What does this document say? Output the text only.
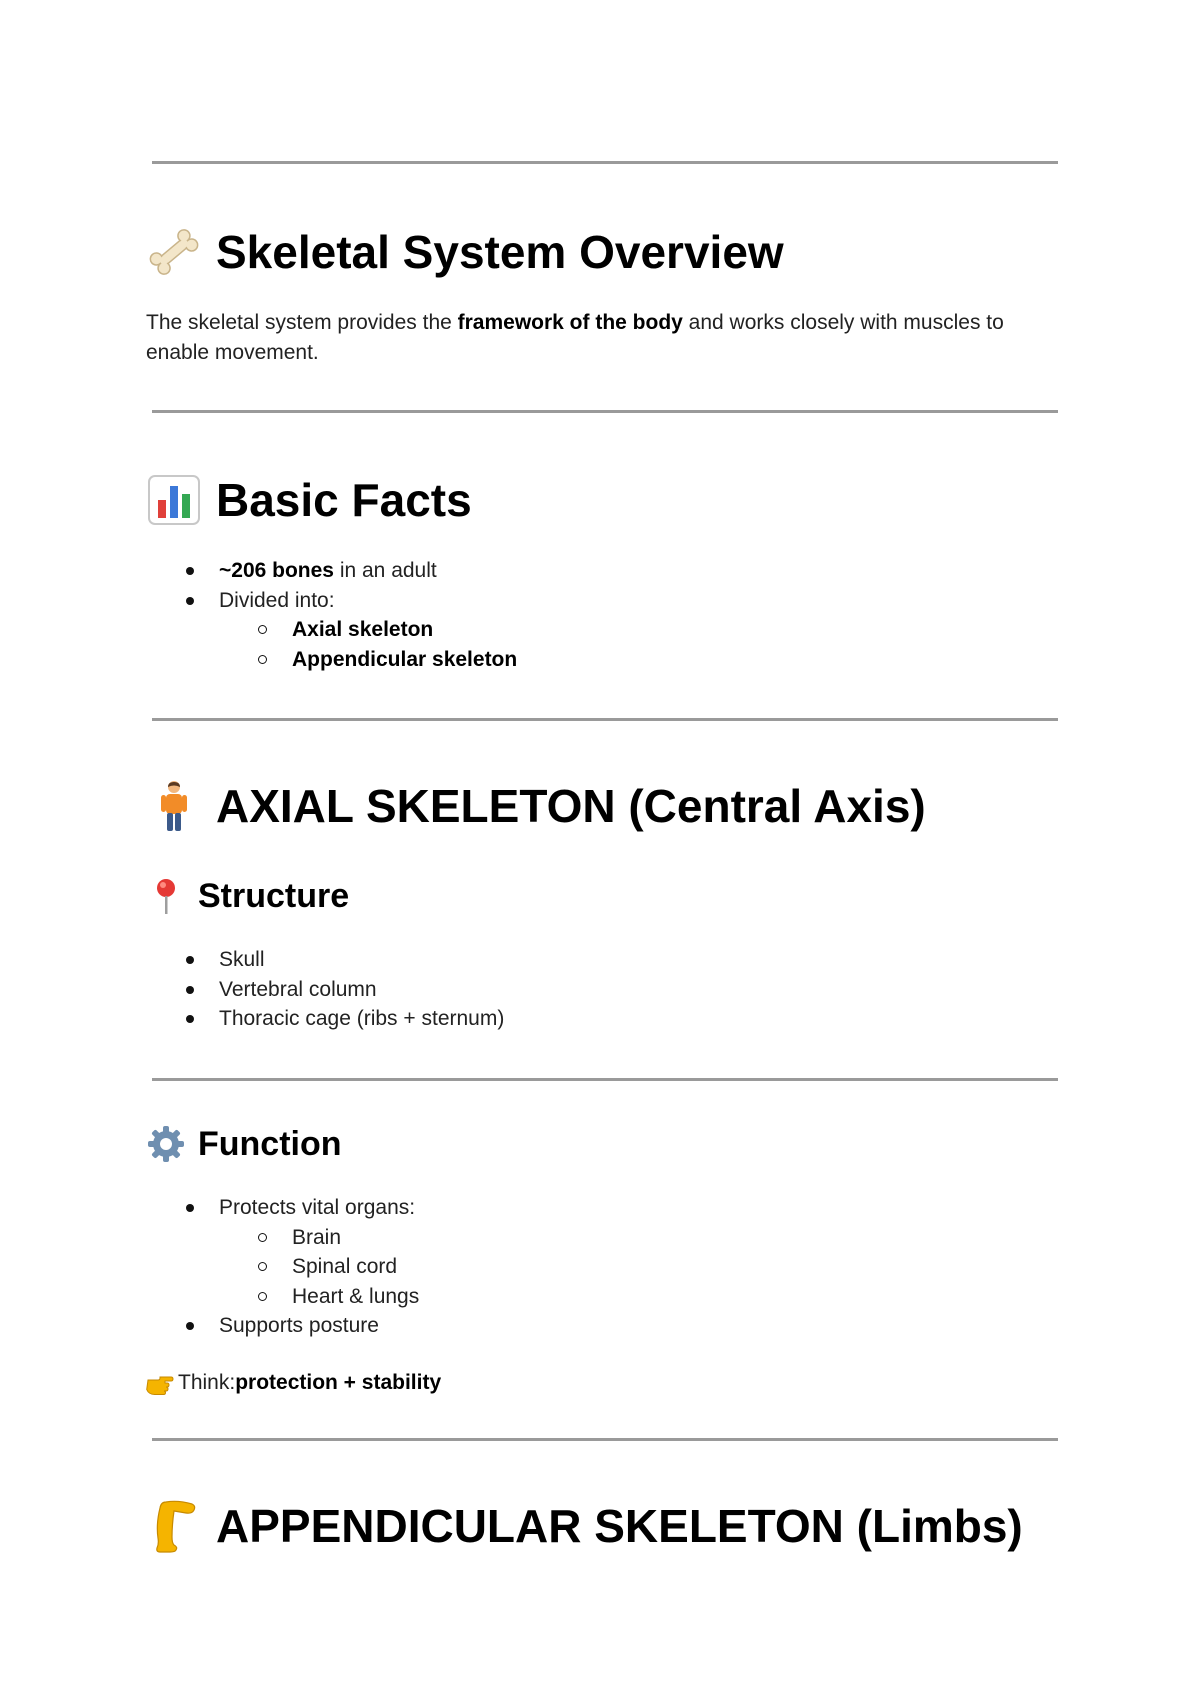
Skeletal System Overview

The skeletal system provides the framework of the body and works closely with muscles to enable movement.

Basic Facts
~206 bones in an adult
Divided into:
Axial skeleton
Appendicular skeleton
AXIAL SKELETON (Central Axis)
Structure
Skull
Vertebral column
Thoracic cage (ribs + sternum)
Function
Protects vital organs:
Brain
Spinal cord
Heart & lungs
Supports posture

Think: protection + stability

APPENDICULAR SKELETON (Limbs)
